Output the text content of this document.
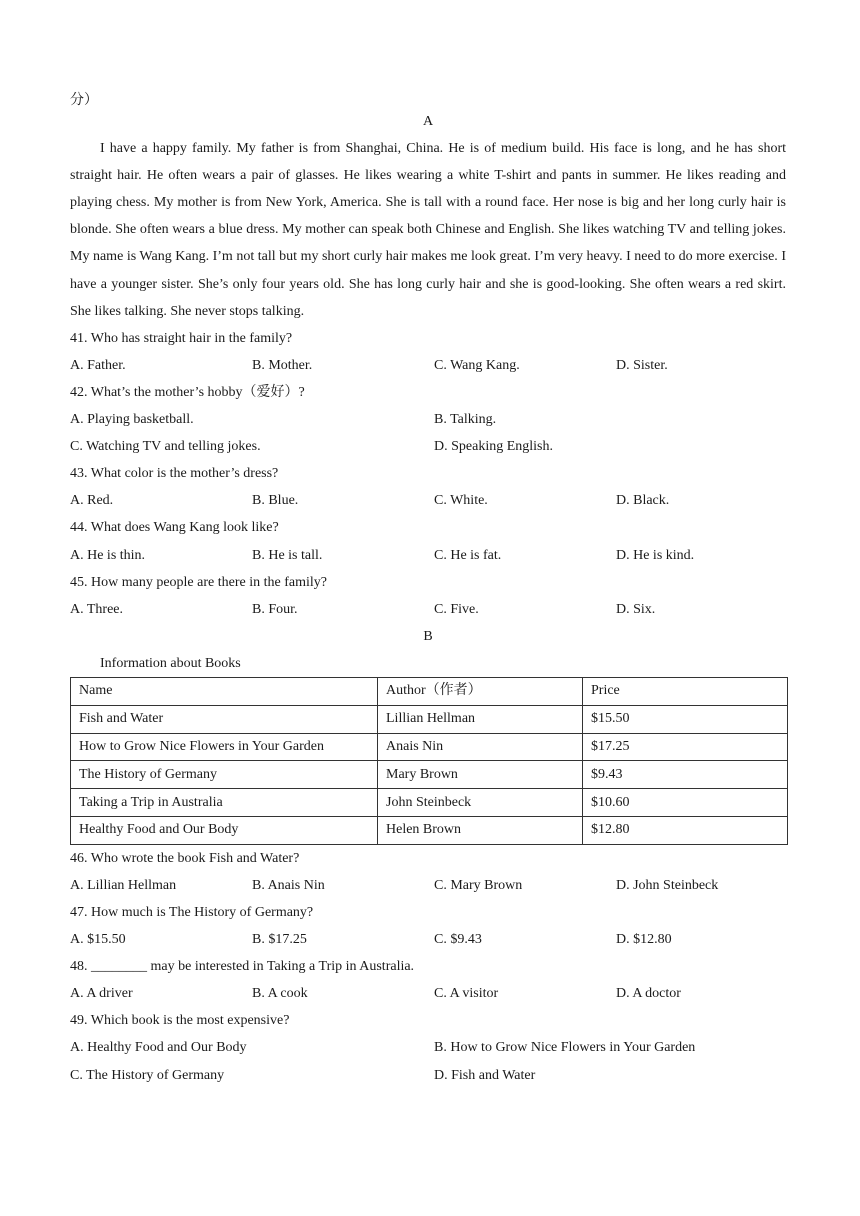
分）
A
I have a happy family. My father is from Shanghai, China. He is of medium build. His face is long, and he has short straight hair. He often wears a pair of glasses. He likes wearing a white T-shirt and pants in summer. He likes reading and playing chess. My mother is from New York, America. She is tall with a round face. Her nose is big and her long curly hair is blonde. She often wears a blue dress. My mother can speak both Chinese and English. She likes watching TV and telling jokes. My name is Wang Kang. I’m not tall but my short curly hair makes me look great. I’m very heavy. I need to do more exercise. I have a younger sister. She’s only four years old. She has long curly hair and she is good-looking. She often wears a red skirt. She likes talking. She never stops talking.
41. Who has straight hair in the family?
A. Father.	B. Mother.	C. Wang Kang.	D. Sister.
42. What’s the mother’s hobby（爱好）?
A. Playing basketball.	B. Talking.
C. Watching TV and telling jokes.	D. Speaking English.
43. What color is the mother’s dress?
A. Red.	B. Blue.	C. White.	D. Black.
44. What does Wang Kang look like?
A. He is thin.	B. He is tall.	C. He is fat.	D. He is kind.
45. How many people are there in the family?
A. Three.	B. Four.	C. Five.	D. Six.
B
Information about Books
Name	Author（作者）	Price
Fish and Water	Lillian Hellman	$15.50
How to Grow Nice Flowers in Your Garden	Anais Nin	$17.25
The History of Germany	Mary Brown	$9.43
Taking a Trip in Australia	John Steinbeck	$10.60
Healthy Food and Our Body	Helen Brown	$12.80
46. Who wrote the book Fish and Water?
A. Lillian Hellman	B. Anais Nin	C. Mary Brown	D. John Steinbeck
47. How much is The History of Germany?
A. $15.50	B. $17.25	C. $9.43	D. $12.80
48. ________ may be interested in Taking a Trip in Australia.
A. A driver	B. A cook	C. A visitor	D. A doctor
49. Which book is the most expensive?
A. Healthy Food and Our Body	B. How to Grow Nice Flowers in Your Garden
C. The History of Germany	D. Fish and Water
